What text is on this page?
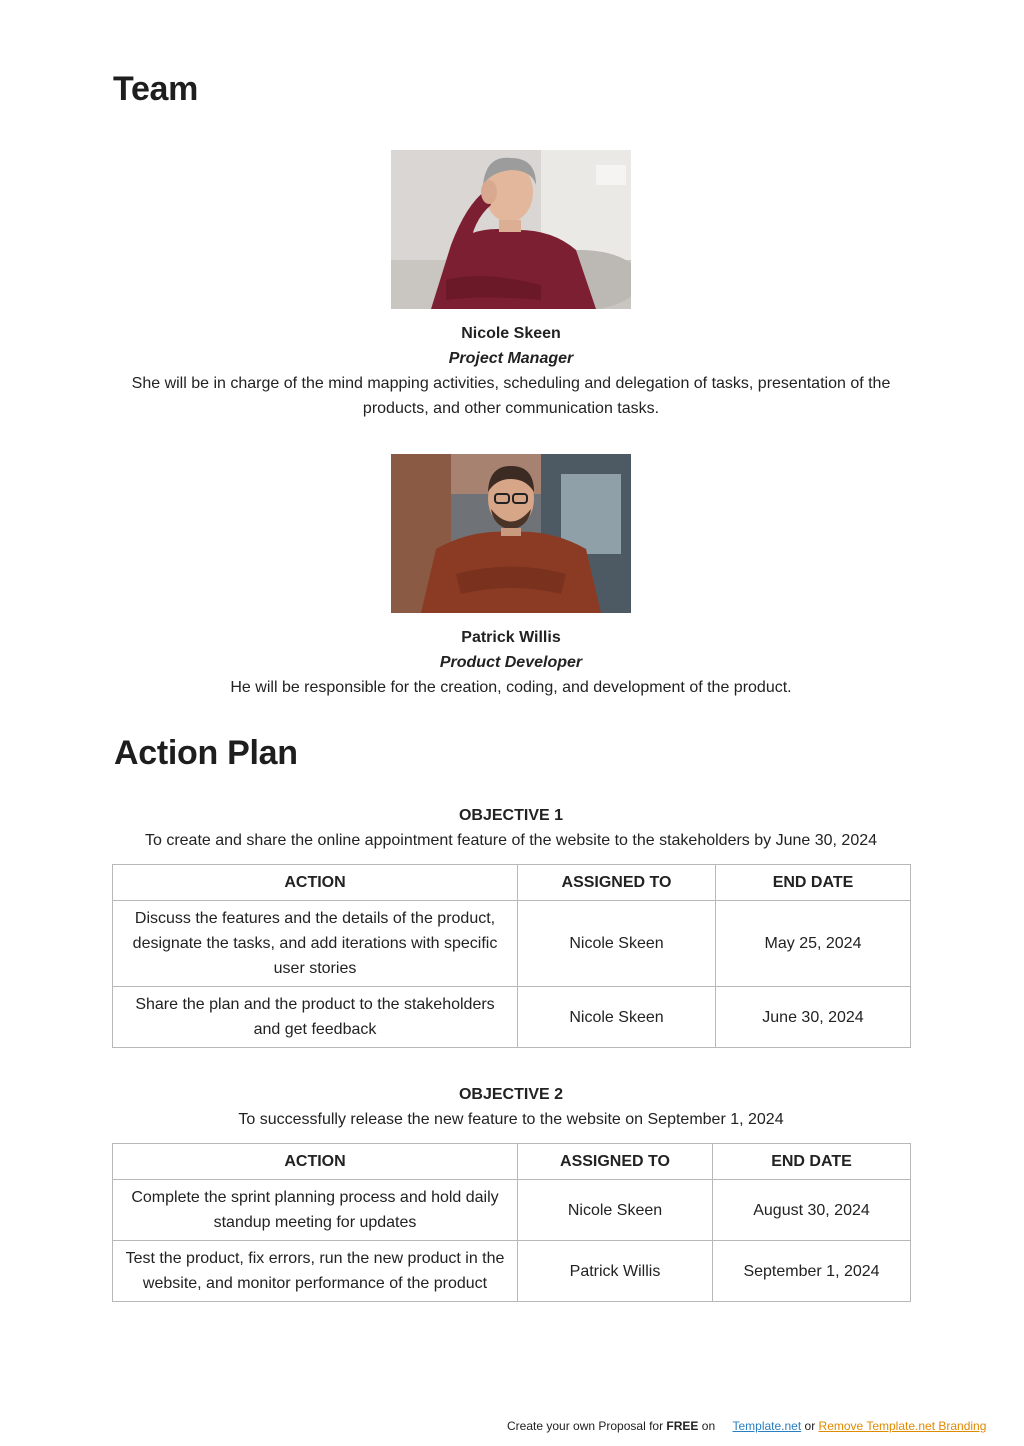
Team
Nicole Skeen
Project Manager
She will be in charge of the mind mapping activities, scheduling and delegation of tasks, presentation of the products, and other communication tasks.
Patrick Willis
Product Developer
He will be responsible for the creation, coding, and development of the product.
Action Plan
OBJECTIVE 1
To create and share the online appointment feature of the website to the stakeholders by June 30, 2024
ACTION	ASSIGNED TO	END DATE
Discuss the features and the details of the product, designate the tasks, and add iterations with specific user stories	Nicole Skeen	May 25, 2024
Share the plan and the product to the stakeholders and get feedback	Nicole Skeen	June 30, 2024
OBJECTIVE 2
To successfully release the new feature to the website on September 1, 2024
ACTION	ASSIGNED TO	END DATE
Complete the sprint planning process and hold daily standup meeting for updates	Nicole Skeen	August 30, 2024
Test the product, fix errors, run the new product in the website, and monitor performance of the product	Patrick Willis	September 1, 2024
Create your own Proposal for FREE on Template.net or Remove Template.net Branding
